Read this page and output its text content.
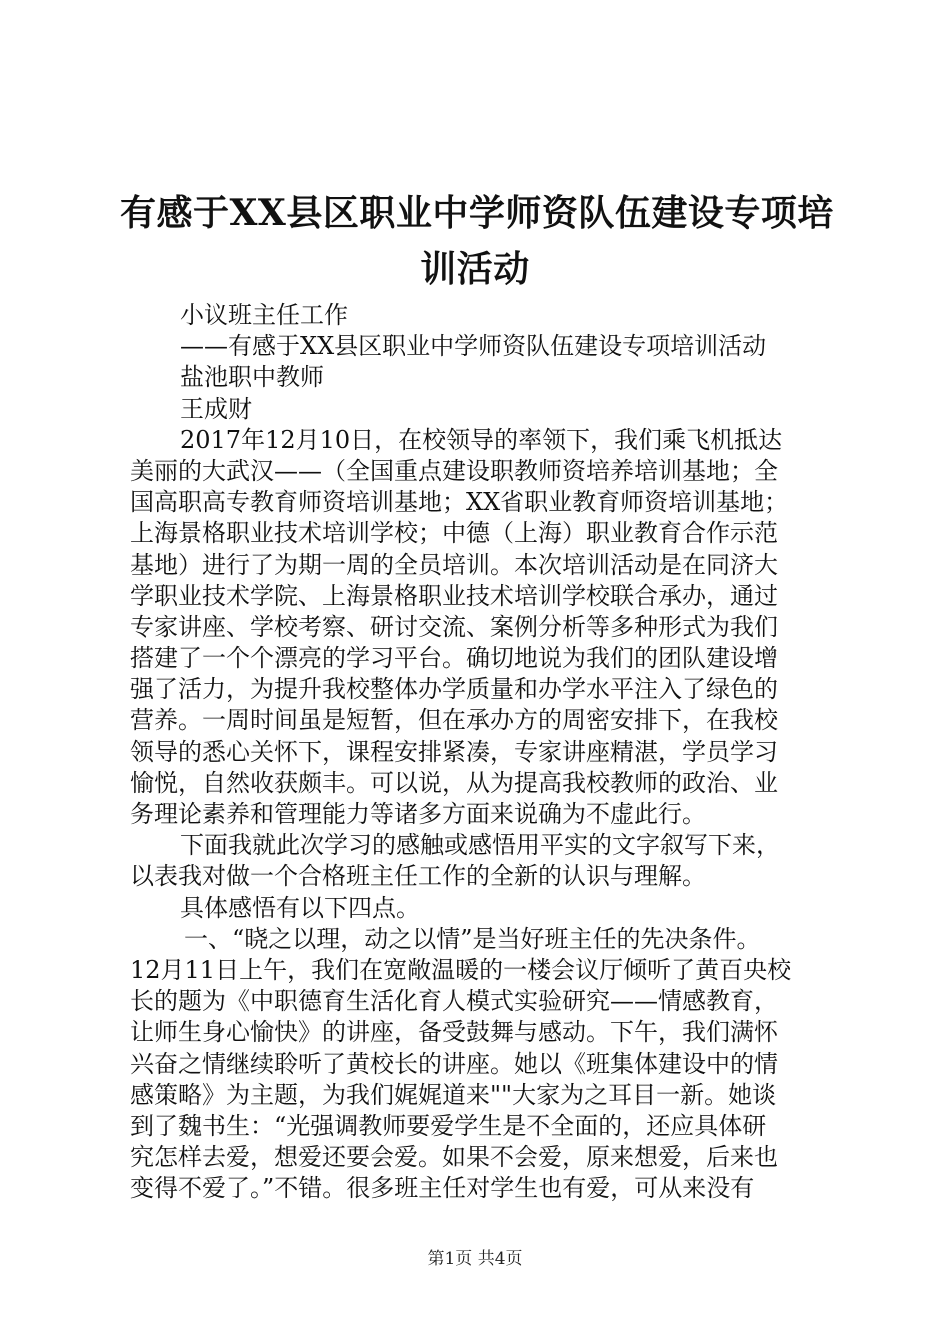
有感于XX县区职业中学师资队伍建设专项培
训活动
小议班主任工作
——有感于XX县区职业中学师资队伍建设专项培训活动
盐池职中教师
王成财
2017年12月10日，在校领导的率领下，我们乘飞机抵达
美丽的大武汉——（全国重点建设职教师资培养培训基地；全
国高职高专教育师资培训基地；XX省职业教育师资培训基地；
上海景格职业技术培训学校；中德（上海）职业教育合作示范
基地）进行了为期一周的全员培训。本次培训活动是在同济大
学职业技术学院、上海景格职业技术培训学校联合承办，通过
专家讲座、学校考察、研讨交流、案例分析等多种形式为我们
搭建了一个个漂亮的学习平台。确切地说为我们的团队建设增
强了活力，为提升我校整体办学质量和办学水平注入了绿色的
营养。一周时间虽是短暂，但在承办方的周密安排下，在我校
领导的悉心关怀下，课程安排紧凑，专家讲座精湛，学员学习
愉悦，自然收获颇丰。可以说，从为提高我校教师的政治、业
务理论素养和管理能力等诸多方面来说确为不虚此行。
下面我就此次学习的感触或感悟用平实的文字叙写下来，
以表我对做一个合格班主任工作的全新的认识与理解。
具体感悟有以下四点。
一、“晓之以理，动之以情”是当好班主任的先决条件。
12月11日上午，我们在宽敞温暖的一楼会议厅倾听了黄百央校
长的题为《中职德育生活化育人模式实验研究——情感教育，
让师生身心愉快》的讲座，备受鼓舞与感动。下午，我们满怀
兴奋之情继续聆听了黄校长的讲座。她以《班集体建设中的情
感策略》为主题，为我们娓娓道来""大家为之耳目一新。她谈
到了魏书生：“光强调教师要爱学生是不全面的，还应具体研
究怎样去爱，想爱还要会爱。如果不会爱，原来想爱，后来也
变得不爱了。”不错。很多班主任对学生也有爱，可从来没有
第1页 共4页
